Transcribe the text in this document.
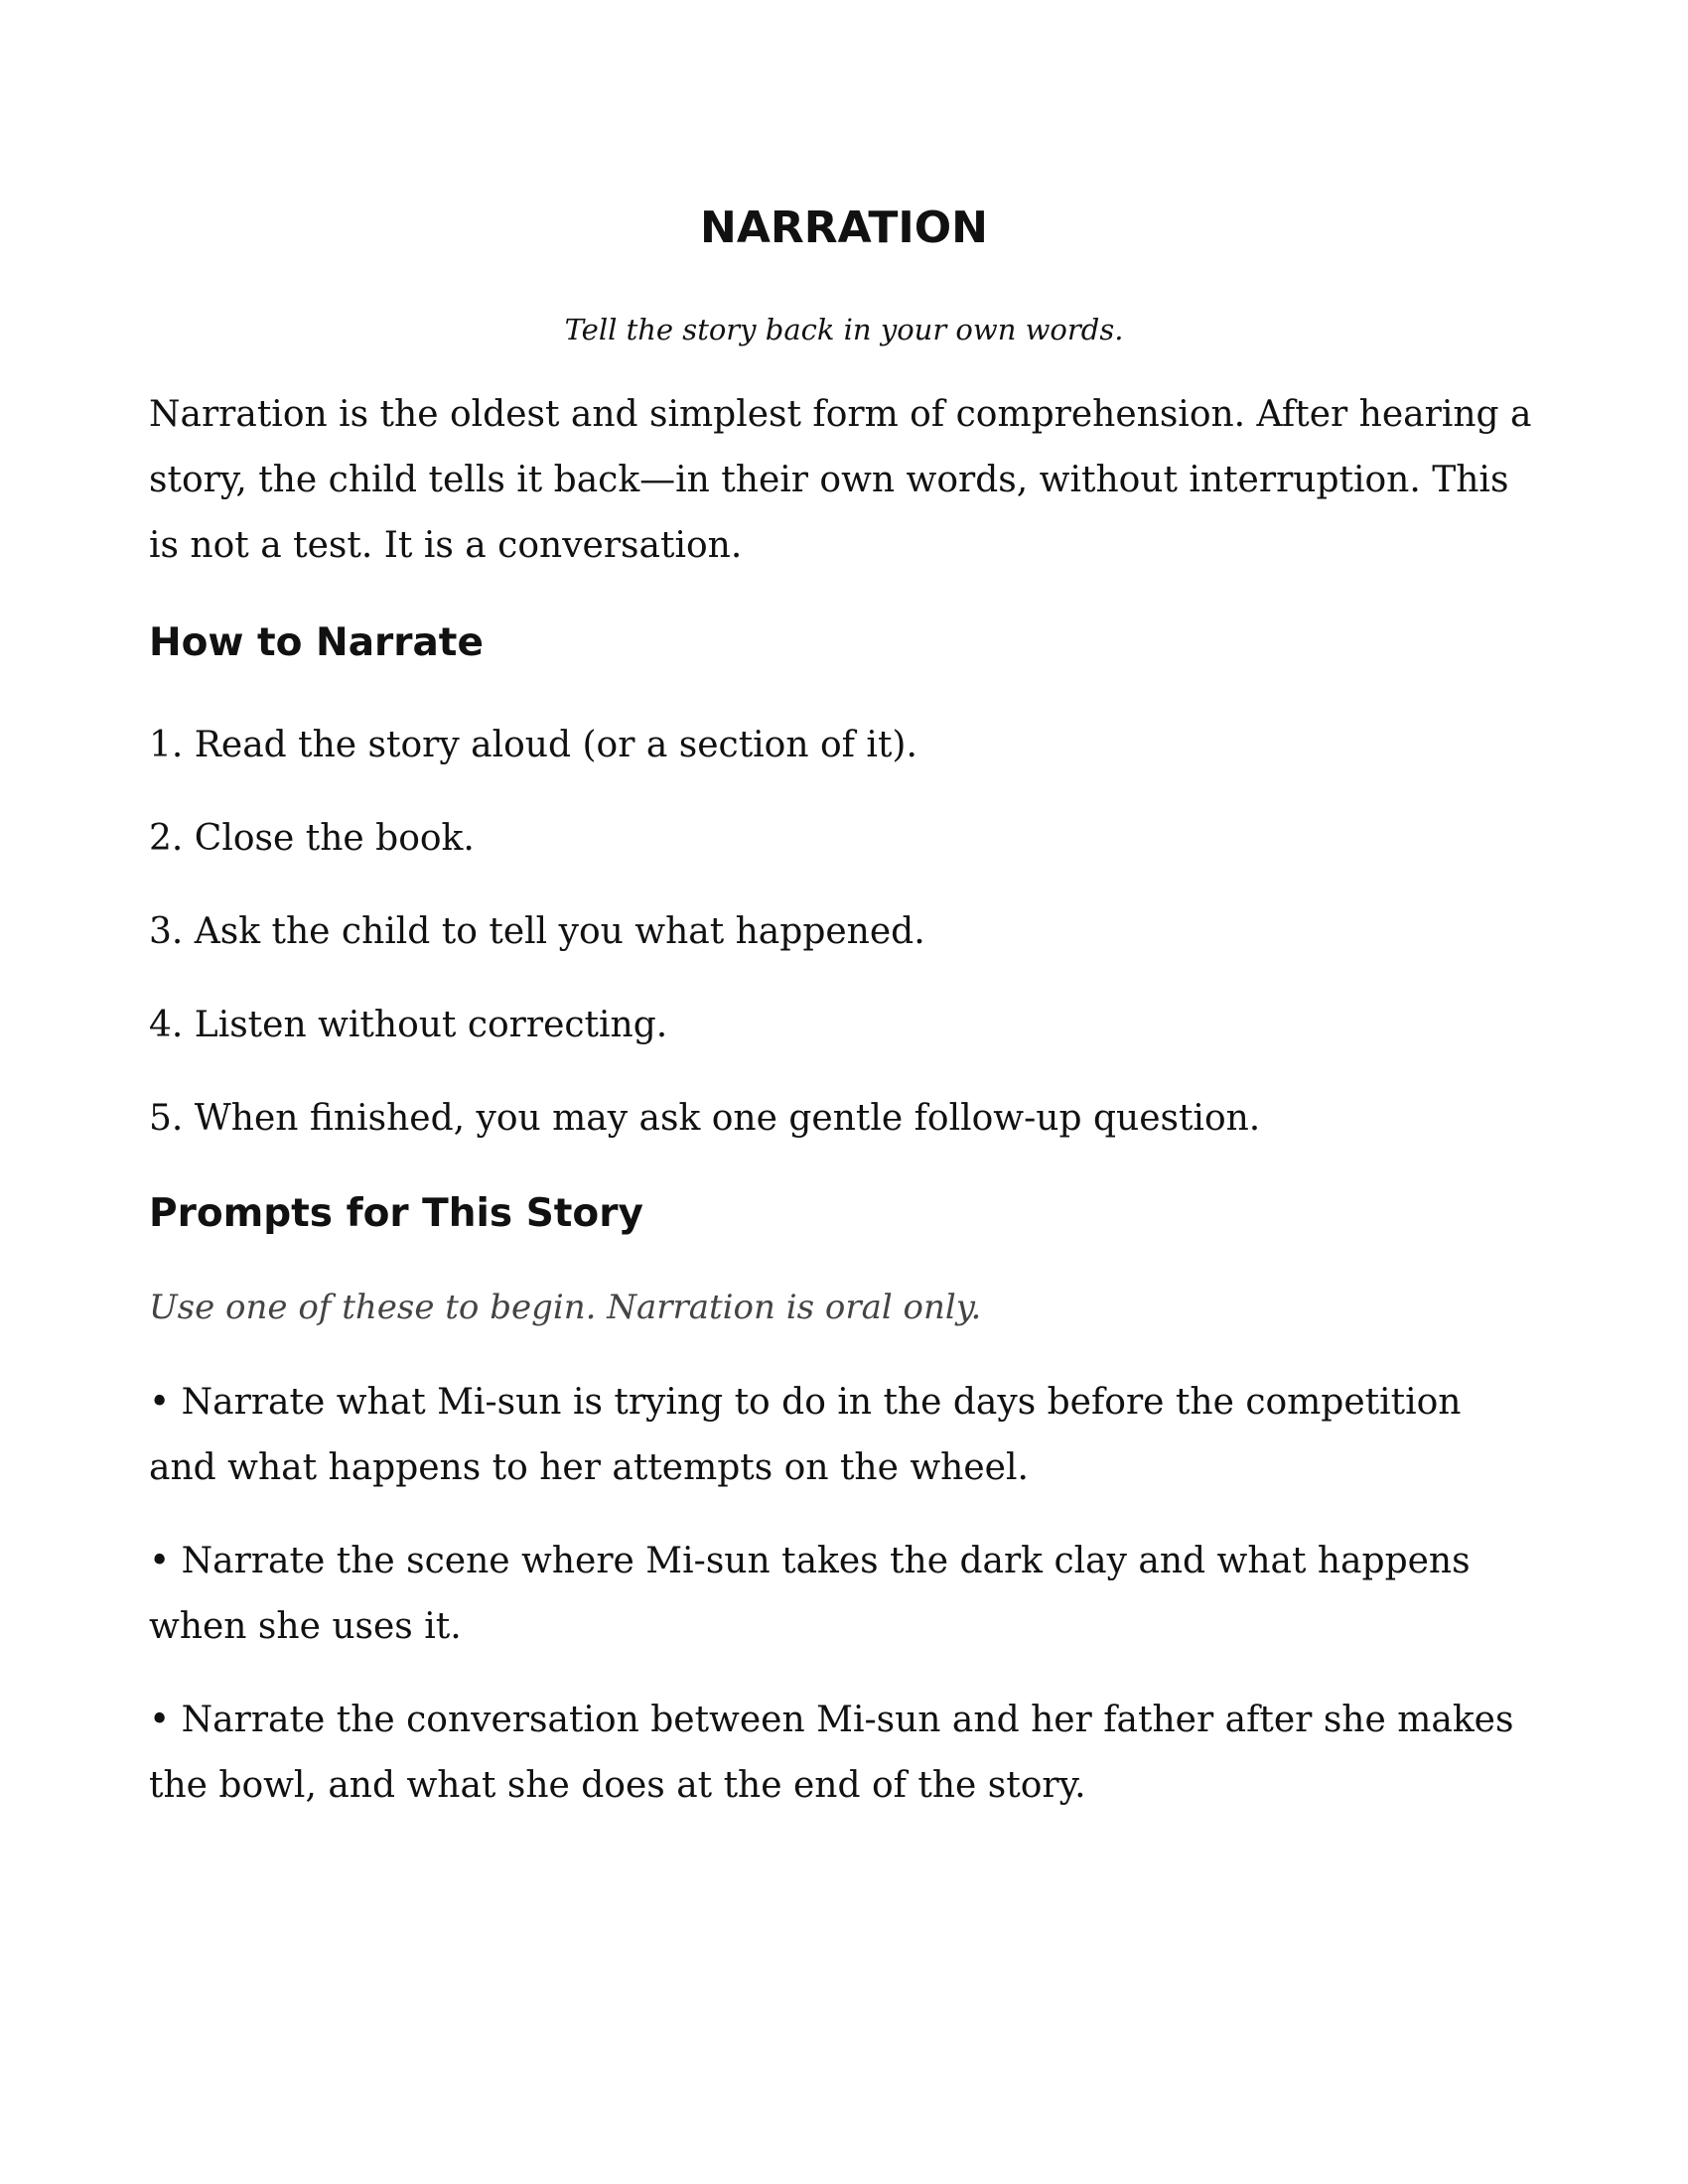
NARRATION

Tell the story back in your own words.

Narration is the oldest and simplest form of comprehension. After hearing a story, the child tells it back—in their own words, without interruption. This is not a test. It is a conversation.

How to Narrate
1. Read the story aloud (or a section of it).
2. Close the book.
3. Ask the child to tell you what happened.
4. Listen without correcting.
5. When finished, you may ask one gentle follow-up question.
Prompts for This Story

Use one of these to begin. Narration is oral only.

• Narrate what Mi-sun is trying to do in the days before the competition and what happens to her attempts on the wheel.
• Narrate the scene where Mi-sun takes the dark clay and what happens when she uses it.
• Narrate the conversation between Mi-sun and her father after she makes the bowl, and what she does at the end of the story.
